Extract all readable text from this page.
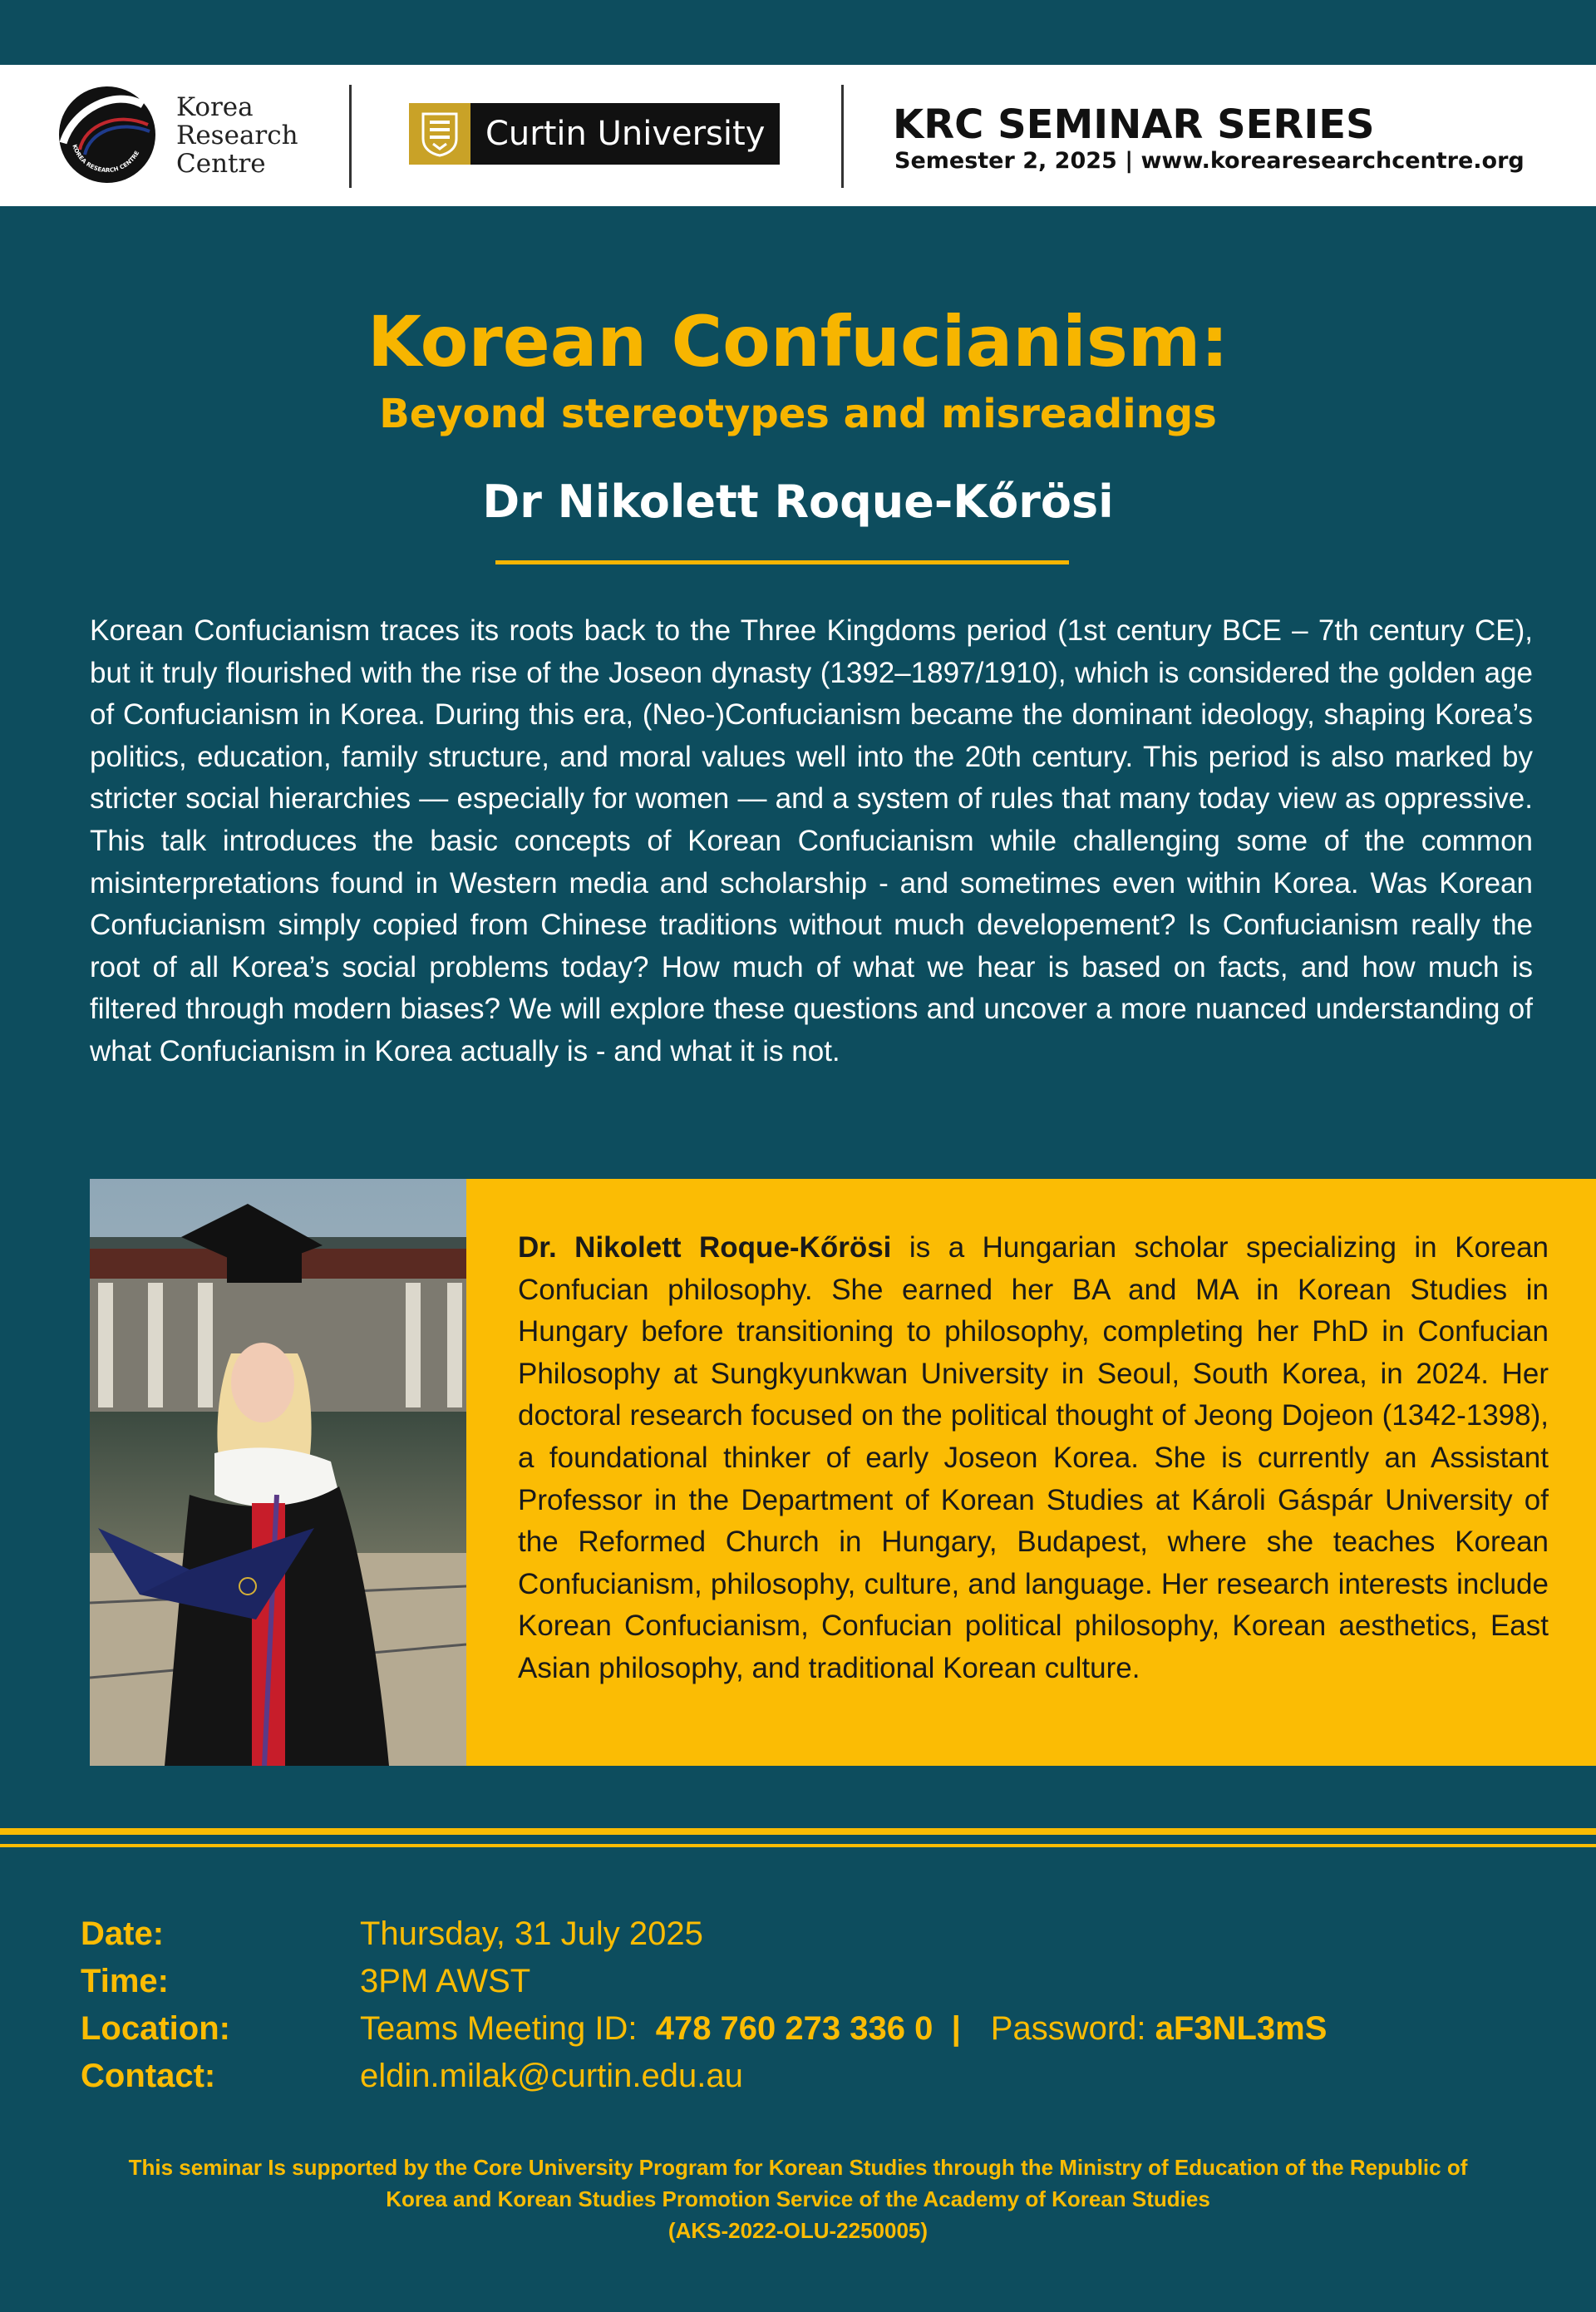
KOREA RESEARCH CENTRE
Korea
Research
Centre
Curtin University	KRC SEMINAR SERIES
Semester 2, 2025 | www.korearesearchcentre.org
Korean Confucianism:
Beyond stereotypes and misreadings
Dr Nikolett Roque-Kőrösi

Korean Confucianism traces its roots back to the Three Kingdoms period (1st century BCE – 7th century CE), but it truly flourished with the rise of the Joseon dynasty (1392–1897/1910), which is considered the golden age of Confucianism in Korea. During this era, (Neo-)Confucianism became the dominant ideology, shaping Korea’s politics, education, family structure, and moral values well into the 20th century. This period is also marked by stricter social hierarchies — especially for women — and a system of rules that many today view as oppressive. This talk introduces the basic concepts of Korean Confucianism while challenging some of the common misinterpretations found in Western media and scholarship - and sometimes even within Korea. Was Korean Confucianism simply copied from Chinese traditions without much developement? Is Confucianism really the root of all Korea’s social problems today? How much of what we hear is based on facts, and how much is filtered through modern biases? We will explore these questions and uncover a more nuanced understanding of what Confucianism in Korea actually is - and what it is not.

Dr. Nikolett Roque-Kőrösi is a Hungarian scholar specializing in Korean Confucian philosophy. She earned her BA and MA in Korean Studies in Hungary before transitioning to philosophy, completing her PhD in Confucian Philosophy at Sungkyunkwan University in Seoul, South Korea, in 2024. Her doctoral research focused on the political thought of Jeong Dojeon (1342-1398), a foundational thinker of early Joseon Korea. She is currently an Assistant Professor in the Department of Korean Studies at Károli Gáspár University of the Reformed Church in Hungary, Budapest, where she teaches Korean Confucianism, philosophy, culture, and language. Her research interests include Korean Confucianism, Confucian political philosophy, Korean aesthetics, East Asian philosophy, and traditional Korean culture.

Date:	Thursday, 31 July 2025
Time:	3PM AWST
Location:	Teams Meeting ID: 478 760 273 336 0 | Password: aF3NL3mS
Contact:	eldin.milak@curtin.edu.au
This seminar Is supported by the Core University Program for Korean Studies through the Ministry of Education of the Republic of
Korea and Korean Studies Promotion Service of the Academy of Korean Studies
(AKS-2022-OLU-2250005)
